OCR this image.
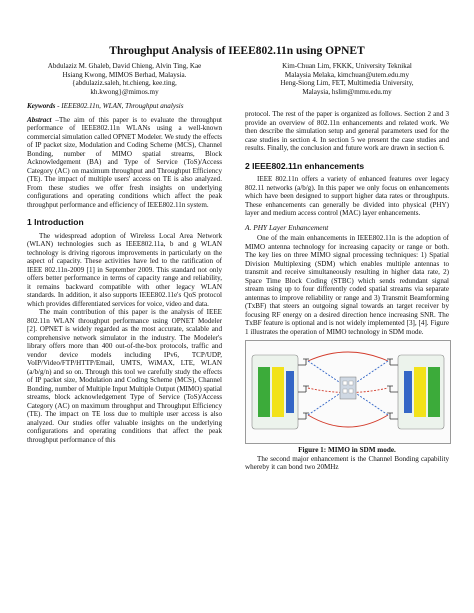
Throughput Analysis of IEEE802.11n using OPNET
Abdulaziz M. Ghaleb, David Chieng, Alvin Ting, Kae
Hsiang Kwong, MIMOS Berhad, Malaysia.
{abdulaziz.saleh, ht.chieng, kee.ting,
kh.kwong}@mimos.my
Keywords - IEEE802.11n, WLAN, Throughput analysis

Abstract –The aim of this paper is to evaluate the throughput performance of IEEE802.11n WLANs using a well-known commercial simulation called OPNET Modeler. We study the effects of IP packet size, Modulation and Coding Scheme (MCS), Channel Bonding, number of MIMO spatial streams, Block Acknowledgement (BA) and Type of Service (ToS)/Access Category (AC) on maximum throughput and Throughput Efficiency (TE). The impact of multiple users' access on TE is also analyzed. From these studies we offer fresh insights on underlying configurations and operating conditions which affect the peak throughput performance and efficiency of IEEE802.11n system.

1 Introduction

The widespread adoption of Wireless Local Area Network (WLAN) technologies such as IEEE802.11a, b and g WLAN technology is driving rigorous improvements in particularly on the aspect of capacity. These activities have led to the ratification of IEEE 802.11n-2009 [1] in September 2009. This standard not only offers better performance in terms of capacity range and reliability, it remains backward compatible with other legacy WLAN standards. In addition, it also supports IEEE802.11e's QoS protocol which provides differentiated services for voice, video and data.

The main contribution of this paper is the analysis of IEEE 802.11n WLAN throughput performance using OPNET Modeler [2]. OPNET is widely regarded as the most accurate, scalable and comprehensive network simulator in the industry. The Modeler's library offers more than 400 out-of-the-box protocols, traffic and vendor device models including IPv6, TCP/UDP, VoIP/Video/FTP/HTTP/Email, UMTS, WiMAX, LTE, WLAN (a/b/g/n) and so on. Through this tool we carefully study the effects of IP packet size, Modulation and Coding Scheme (MCS), Channel Bonding, number of Multiple Input Multiple Output (MIMO) spatial streams, block acknowledgement Type of Service (ToS)/Access Category (AC) on maximum throughput and Throughput Efficiency (TE). The impact on TE loss due to multiple user access is also analyzed. Our studies offer valuable insights on the underlying configurations and operating conditions that affect the peak throughput performance of this

Kim-Chuan Lim, FKKK, University Teknikal
Malaysia Melaka, kimchuan@utem.edu.my
Heng-Siong Lim, FET, Multimedia University,
Malaysia, hslim@mmu.edu.my

protocol. The rest of the paper is organized as follows. Section 2 and 3 provide an overview of 802.11n enhancements and related work. We then describe the simulation setup and general parameters used for the case studies in section 4. In section 5 we present the case studies and results. Finally, the conclusion and future work are drawn in section 6.

2 IEEE802.11n enhancements

IEEE 802.11n offers a variety of enhanced features over legacy 802.11 networks (a/b/g). In this paper we only focus on enhancements which have been designed to support higher data rates or throughputs. These enhancements can generally be divided into physical (PHY) layer and medium access control (MAC) layer enhancements.

A. PHY Layer Enhancement

One of the main enhancements in IEEE802.11n is the adoption of MIMO antenna technology for increasing capacity or range or both. The key lies on three MIMO signal processing techniques: 1) Spatial Division Multiplexing (SDM) which enables multiple antennas to transmit and receive simultaneously resulting in higher data rate, 2) Space Time Block Coding (STBC) which sends redundant signal stream using up to four differently coded spatial streams via separate antennas to improve reliability or range and 3) Transmit Beamforming (TxBF) that steers an outgoing signal towards an target receiver by focusing RF energy on a desired direction hence increasing SNR. The TxBF feature is optional and is not widely implemented [3], [4]. Figure 1 illustrates the operation of MIMO technology in SDM mode.

Figure 1: MIMO in SDM mode.

The second major enhancement is the Channel Bonding capability whereby it can bond two 20MHz
